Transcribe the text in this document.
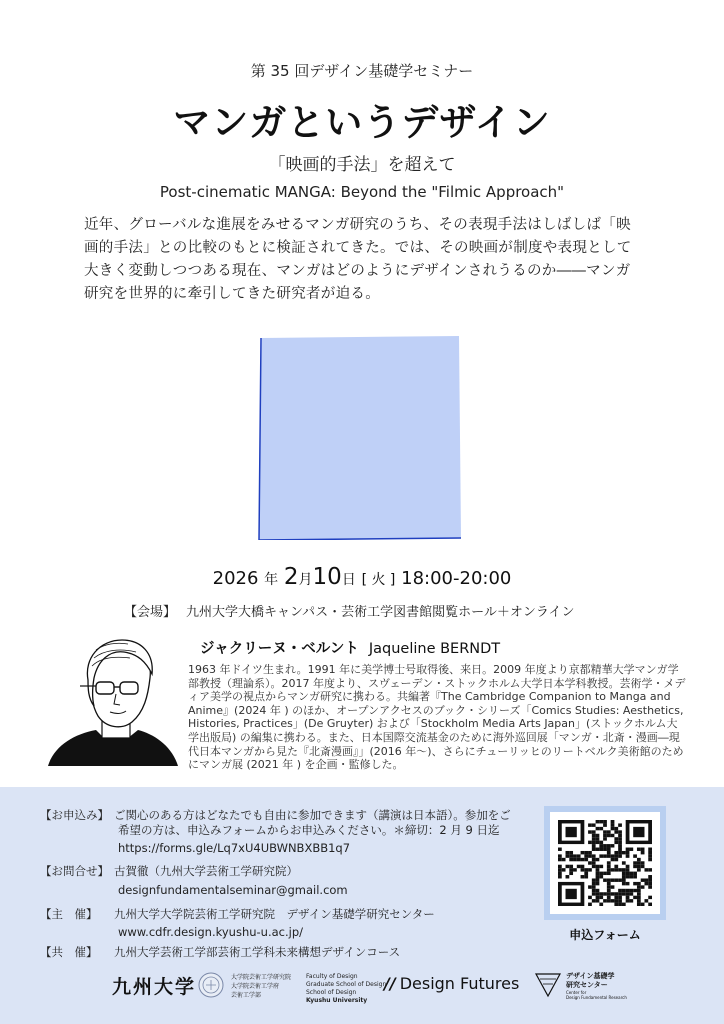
第 35 回デザイン基礎学セミナー
マンガというデザイン
「映画的手法」を超えて
Post-cinematic MANGA: Beyond the "Filmic Approach"

近年、グローバルな進展をみせるマンガ研究のうち、その表現手法はしばしば「映画的手法」との比較のもとに検証されてきた。では、その映画が制度や表現として大きく変動しつつある現在、マンガはどのようにデザインされうるのか――マンガ研究を世界的に牽引してきた研究者が迫る。

2026 年 2月10日 [ 火 ] 18:00-20:00
【会場】 九州大学大橋キャンパス・芸術工学図書館閲覧ホール＋オンライン
ジャクリーヌ・ベルント Jaqueline BERNDT

1963 年ドイツ生まれ。1991 年に美学博士号取得後、来日。2009 年度より京都精華大学マンガ学部教授（理論系）。2017 年度より、スヴェーデン・ストックホルム大学日本学科教授。芸術学・メディア美学の視点からマンガ研究に携わる。共編著『The Cambridge Companion to Manga and Anime』(2024 年 ) のほか、オープンアクセスのブック・シリーズ「Comics Studies: Aesthetics, Histories, Practices」(De Gruyter) および「Stockholm Media Arts Japan」(ストックホルム大学出版局) の編集に携わる。また、日本国際交流基金のために海外巡回展「マンガ・北斎・漫画―現代日本マンガから見た『北斎漫画』」(2016 年〜)、さらにチューリッヒのリートベルク美術館のためにマンガ展 (2021 年 ) を企画・監修した。

【お申込み】 ご関心のある方はどなたでも自由に参加できます（講演は日本語）。参加をご
希望の方は、申込みフォームからお申込みください。＊締切：2 月 9 日迄
https://forms.gle/Lq7xU4UBWNBXBB1q7
【お問合せ】 古賀徹（九州大学芸術工学研究院）
designfundamentalseminar@gmail.com
【主　催】 九州大学大学院芸術工学研究院　デザイン基礎学研究センター
www.cdfr.design.kyushu-u.ac.jp/
【共　催】 九州大学芸術工学部芸術工学科未来構想デザインコース
申込フォーム
九州大学	大学院芸術工学研究院
大学院芸術工学府
芸術工学部
Faculty of Design
Graduate School of Design
School of Design
Kyushu University
// Design Futures	デザイン基礎学
研究センター
Center for
Design Fundamental Research
